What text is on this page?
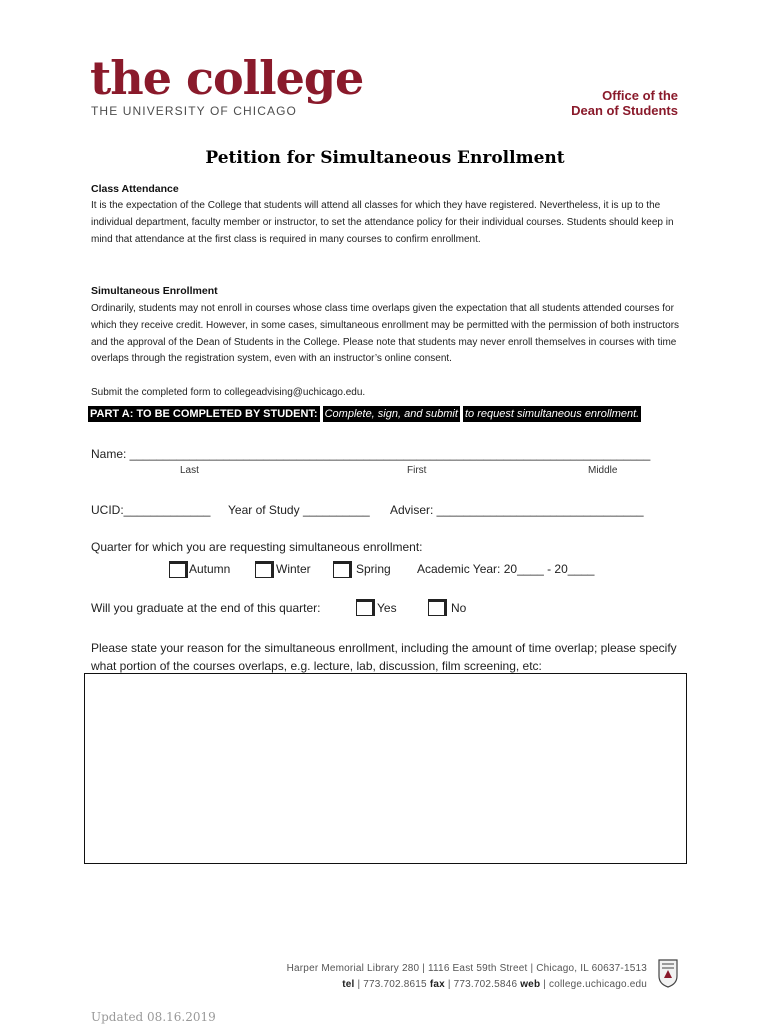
the college
THE UNIVERSITY OF CHICAGO
Office of the
Dean of Students
Petition for Simultaneous Enrollment
Class Attendance
It is the expectation of the College that students will attend all classes for which they have registered. Nevertheless, it is up to the individual department, faculty member or instructor, to set the attendance policy for their individual courses. Students should keep in mind that attendance at the first class is required in many courses to confirm enrollment.
Simultaneous Enrollment
Ordinarily, students may not enroll in courses whose class time overlaps given the expectation that all students attended courses for which they receive credit. However, in some cases, simultaneous enrollment may be permitted with the permission of both instructors and the approval of the Dean of Students in the College. Please note that students may never enroll themselves in courses with time overlaps through the registration system, even with an instructor’s online consent.
Submit the completed form to collegeadvising@uchicago.edu.
PART A: TO BE COMPLETED BY STUDENT: Complete, sign, and submit to request simultaneous enrollment.
Name: ______________________________________________________________________________
Last	First	Middle
UCID:_____________ Year of Study __________ Adviser: _______________________________
Quarter for which you are requesting simultaneous enrollment:
Autumn	Winter	Spring Academic Year: 20____ - 20____
Will you graduate at the end of this quarter:	Yes	No
Please state your reason for the simultaneous enrollment, including the amount of time overlap; please specify what portion of the courses overlaps, e.g. lecture, lab, discussion, film screening, etc:
Harper Memorial Library 280 | 1116 East 59th Street | Chicago, IL 60637-1513
tel | 773.702.8615 fax | 773.702.5846 web | college.uchicago.edu
Updated 08.16.2019
